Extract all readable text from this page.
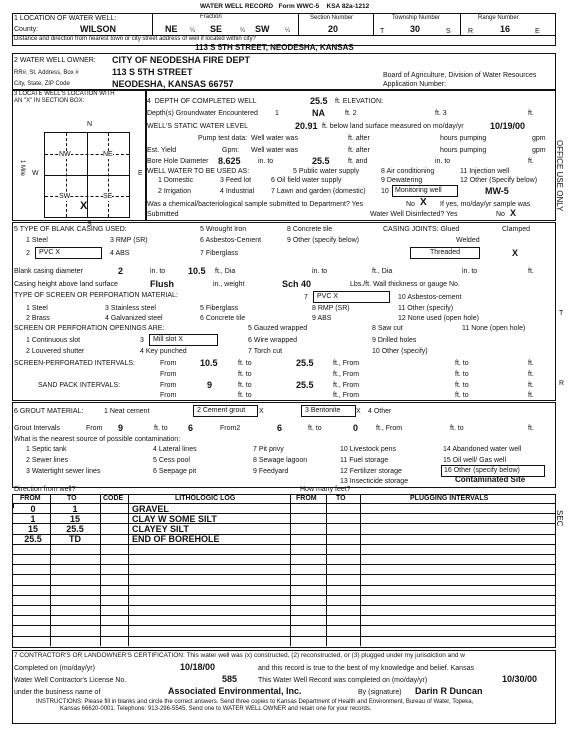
WATER WELL RECORD Form WWC-5 KSA 82a-1212
1 LOCATION OF WATER WELL:
County:	WILSON
Fraction
NE ¼ SE	¼ SW	¼
Section Number
20
Township Number
T	30	S
Range Number
R	16	E
Distance and direction from nearest town or city street address of well if located within city?
113 S 5TH STREET, NEODESHA, KANSAS
2 WATER WELL OWNER: CITY OF NEODESHA FIRE DEPT
RR#, St. Address, Box #	113 S 5TH STREET
City, State, ZIP Code	NEODESHA, KANSAS 66757
Board of Agriculture, Division of Water Resources
Application Number:
3 LOCATE WELL'S LOCATION WITH
AN "X" IN SECTION BOX:
N
W	E
S
1 Mile
NW	NE
SW	SE
X
4  DEPTH OF COMPLETED WELL	25.5 ft. ELEVATION:
Depth(s) Groundwater Encountered 1	NA	ft. 2	ft. 3	ft.
WELL'S STATIC WATER LEVEL	20.91 ft. below land surface measured on mo/day/yr	10/19/00
Pump test data: Well water was	ft. after	hours pumping	gpm
Est. Yield	Gpm: Well water was	ft. after	hours pumping	gpm
Bore Hole Diameter 8.625 in. to	25.5	ft. and	in. to	ft.
WELL WATER TO BE USED AS:	5 Public water supply	8 Air conditioning	11 Injection well
1 Domestic	3 Feed lot	6 Oil field water supply	9 Dewatering	12 Other (Specify below)
2 Irrigation	4 Industrial 7 Lawn and garden (domestic) 10 Monitoring well	MW-5
Was a chemical/bacteriological sample submitted to Department? Yes	No X If yes, mo/day/yr sample was
Submitted	Water Well Disinfected? Yes	No X
5 TYPE OF BLANK CASING USED:	5 Wrought Iron	8 Concrete tile	CASING JOINTS: Glued	Clamped
1 Steel	3 RMP (SR)	6 Asbestos-Cement	9 Other (specify below)	Welded
2	PVC X	4 ABS	7 Fiberglass	Threaded	X
Blank casing diameter	2	in. to	10.5 ft., Dia	in. to	ft., Dia	in. to	ft.
Casing height above land surface	Flush	in., weight	Sch 40	Lbs./ft. Wall thickness or gauge No.
TYPE OF SCREEN OR PERFORATION MATERIAL:	7	PVC X	10 Asbestos-cement
1 Steel	3 Stainless steel	5 Fiberglass	8 RMP (SR)	11 Other (specify)
2 Brass	4 Galvanized steel	6 Concrete tile	9 ABS	12 None used (open hole)
SCREEN OR PERFORATION OPENINGS ARE:	5 Gauzed wrapped	8 Saw cut	11 None (open hole)
1 Continuous slot	3	Mill slot X	6 Wire wrapped	9 Drilled holes
2 Louvered shutter	4 Key punched	7 Torch cut	10 Other (specify)
SCREEN-PERFORATED INTERVALS:	From	10.5	ft. to	25.5	ft., From	ft. to	ft.
From	ft. to	ft., From	ft. to	ft.
SAND PACK INTERVALS:	From	9	ft. to	25.5	ft., From	ft. to	ft.
From	ft. to	ft., From	ft. to	ft.
6 GROUT MATERIAL:	1 Neat cement	2 Cement grout	X	3 Bentonite	X 4 Other
Grout Intervals	From 9	ft. to 6	From2	6	ft. to	0	ft., From	ft. to	ft.
What is the nearest source of possible contamination:
1 Septic tank	4 Lateral lines	7 Pit privy	10 Livestock pens	14 Abandoned water well
2 Sewer lines	5 Cess pool	8 Sewage lagoon	11 Fuel storage	15 Oil well/ Gas well
3 Watertight sewer lines	6 Seepage pit	9 Feedyard	12 Fertilizer storage	16 Other (specify below)
13 Insecticide storage	Contaminated Site
Direction from well?	How many feet?
FROM	TO	CODE	LITHOLOGIC LOG	FROM	TO	PLUGGING INTERVALS
0	1	GRAVEL
1	15	CLAY W SOME SILT
15	25.5	CLAYEY SILT
25.5	TD	END OF BOREHOLE
7 CONTRACTOR'S OR LANDOWNER'S CERTIFICATION: This water well was (x) constructed, (2) reconstructed, or (3) plugged under my jurisdiction and w
Completed on (mo/day/yr)	10/18/00	and this record is true to the best of my knowledge and belief. Kansas
Water Well Contractor's License No.	585	This Water Well Record was completed on (mo/day/yr)	10/30/00
under the business name of	Associated Environmental, Inc.	By (signature) Darin R Duncan
INSTRUCTIONS: Please fill in blanks and circle the correct answers. Send three copies to Kansas Department of Health and Environment, Bureau of Water, Topeka,
Kansas 66620-0001. Telephone: 913-296-5545. Send one to WATER WELL OWNER and retain one for your records.
OFFICE USE ONLY
T
R
SEC
